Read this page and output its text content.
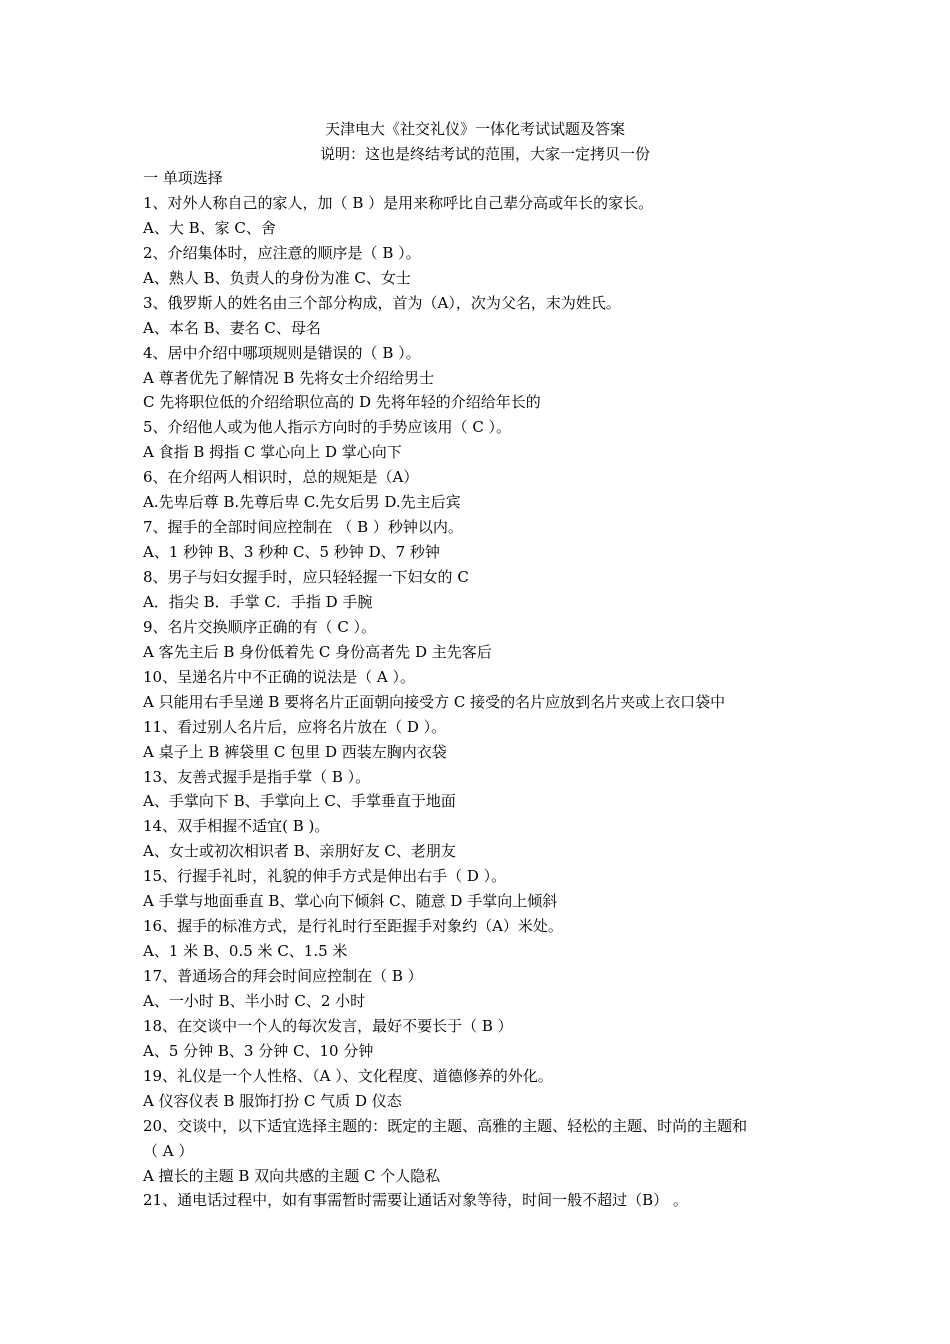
天津电大《社交礼仪》一体化考试试题及答案
说明：这也是终结考试的范围，大家一定拷贝一份
一 单项选择
1、对外人称自己的家人，加（ B ）是用来称呼比自己辈分高或年长的家长。
A、大 B、家 C、舍
2、介绍集体时，应注意的顺序是（ B ）。
A、熟人 B、负责人的身份为准 C、女士
3、俄罗斯人的姓名由三个部分构成，首为（A），次为父名，末为姓氏。
A、本名 B、妻名 C、母名
4、居中介绍中哪项规则是错误的（ B ）。
A 尊者优先了解情况 B 先将女士介绍给男士
C 先将职位低的介绍给职位高的 D 先将年轻的介绍给年长的
5、介绍他人或为他人指示方向时的手势应该用（ C ）。
A 食指 B 拇指 C 掌心向上 D 掌心向下
6、在介绍两人相识时，总的规矩是（A）
A.先卑后尊 B.先尊后卑 C.先女后男 D.先主后宾
7、握手的全部时间应控制在 （ B ）秒钟以内。
A、1 秒钟 B、3 秒种 C、5 秒钟 D、7 秒钟
8、男子与妇女握手时，应只轻轻握一下妇女的 C
A．指尖 B．手掌 C．手指 D 手腕
9、名片交换顺序正确的有（ C ）。
A 客先主后 B 身份低着先 C 身份高者先 D 主先客后
10、呈递名片中不正确的说法是（ A ）。
A 只能用右手呈递 B 要将名片正面朝向接受方 C 接受的名片应放到名片夹或上衣口袋中
11、看过别人名片后，应将名片放在（ D ）。
A 桌子上 B 裤袋里 C 包里 D 西装左胸内衣袋
13、友善式握手是指手掌（ B ）。
A、手掌向下 B、手掌向上 C、手掌垂直于地面
14、双手相握不适宜( B )。
A、女士或初次相识者 B、亲朋好友 C、老朋友
15、行握手礼时，礼貌的伸手方式是伸出右手（ D ）。
A 手掌与地面垂直 B、掌心向下倾斜 C、随意 D 手掌向上倾斜
16、握手的标准方式，是行礼时行至距握手对象约（A）米处。
A、1 米 B、0.5 米 C、1.5 米
17、普通场合的拜会时间应控制在（ B ）
A、一小时 B、半小时 C、2 小时
18、在交谈中一个人的每次发言，最好不要长于（ B ）
A、5 分钟 B、3 分钟 C、10 分钟
19、礼仪是一个人性格、（A ）、文化程度、道德修养的外化。
A 仪容仪表 B 服饰打扮 C 气质 D 仪态
20、交谈中，以下适宜选择主题的：既定的主题、高雅的主题、轻松的主题、时尚的主题和
（ A ）
A 擅长的主题 B 双向共感的主题 C 个人隐私
21、通电话过程中，如有事需暂时需要让通话对象等待，时间一般不超过（B） 。
